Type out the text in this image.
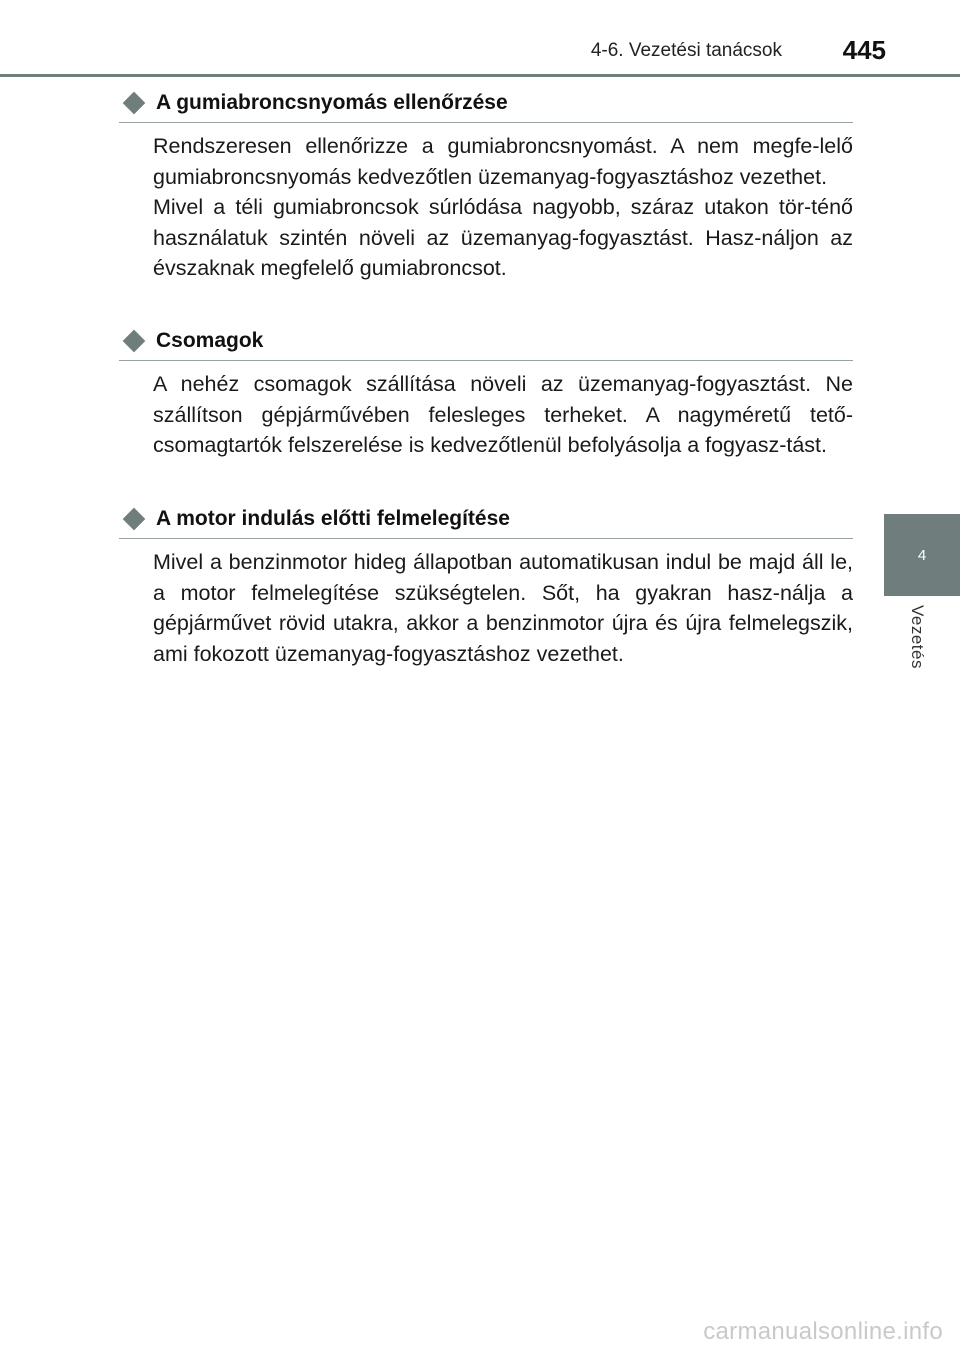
4-6. Vezetési tanácsok	445
4
Vezetés
A gumiabroncsnyomás ellenőrzése

Rendszeresen ellenőrizze a gumiabroncsnyomást. A nem megfe-lelő gumiabroncsnyomás kedvezőtlen üzemanyag-fogyasztáshoz vezethet.

Mivel a téli gumiabroncsok súrlódása nagyobb, száraz utakon tör-ténő használatuk szintén növeli az üzemanyag-fogyasztást. Hasz-náljon az évszaknak megfelelő gumiabroncsot.

Csomagok

A nehéz csomagok szállítása növeli az üzemanyag-fogyasztást. Ne szállítson gépjárművében felesleges terheket. A nagyméretű tető-csomagtartók felszerelése is kedvezőtlenül befolyásolja a fogyasz-tást.

A motor indulás előtti felmelegítése

Mivel a benzinmotor hideg állapotban automatikusan indul be majd áll le, a motor felmelegítése szükségtelen. Sőt, ha gyakran hasz-nálja a gépjárművet rövid utakra, akkor a benzinmotor újra és újra felmelegszik, ami fokozott üzemanyag-fogyasztáshoz vezethet.

carmanualsonline.info
